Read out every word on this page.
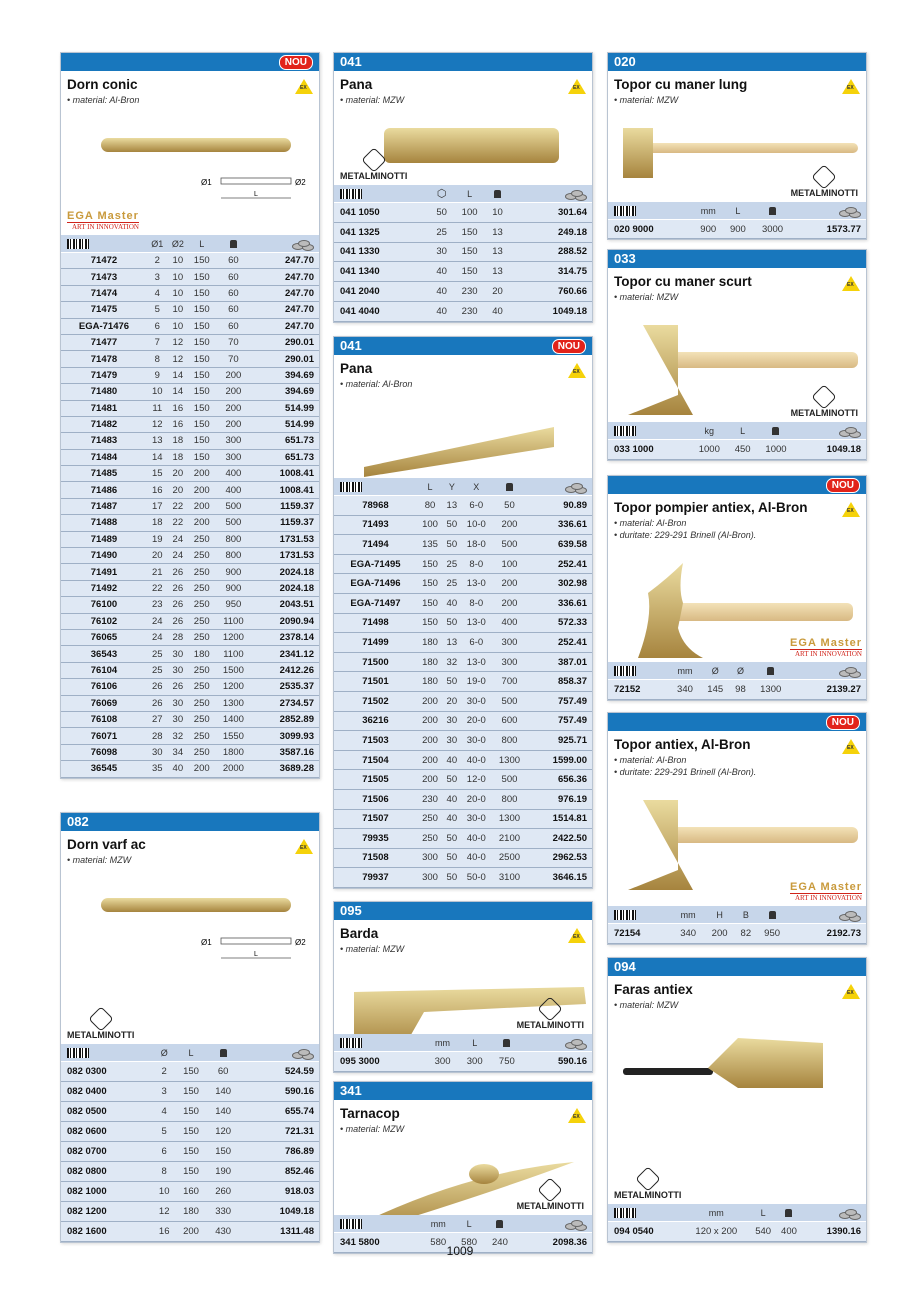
NOU
Dorn conic
• material: Al-Bron
EX
Ø1	Ø2
L
EGA Master
ART IN INNOVATION
	Ø1	Ø2	L		

71472	2	10	150	60	247.70
71473	3	10	150	60	247.70
71474	4	10	150	60	247.70
71475	5	10	150	60	247.70
EGA-71476	6	10	150	60	247.70
71477	7	12	150	70	290.01
71478	8	12	150	70	290.01
71479	9	14	150	200	394.69
71480	10	14	150	200	394.69
71481	11	16	150	200	514.99
71482	12	16	150	200	514.99
71483	13	18	150	300	651.73
71484	14	18	150	300	651.73
71485	15	20	200	400	1008.41
71486	16	20	200	400	1008.41
71487	17	22	200	500	1159.37
71488	18	22	200	500	1159.37
71489	19	24	250	800	1731.53
71490	20	24	250	800	1731.53
71491	21	26	250	900	2024.18
71492	22	26	250	900	2024.18
76100	23	26	250	950	2043.51
76102	24	26	250	1100	2090.94
76065	24	28	250	1200	2378.14
36543	25	30	180	1100	2341.12
76104	25	30	250	1500	2412.26
76106	26	26	250	1200	2535.37
76069	26	30	250	1300	2734.57
76108	27	30	250	1400	2852.89
76071	28	32	250	1550	3099.93
76098	30	34	250	1800	3587.16
36545	35	40	200	2000	3689.28
082
Dorn varf ac
• material: MZW
EX
Ø1	Ø2
L
METALMINOTTI
	Ø	L		

082 0300	2	150	60	524.59
082 0400	3	150	140	590.16
082 0500	4	150	140	655.74
082 0600	5	150	120	721.31
082 0700	6	150	150	786.89
082 0800	8	150	190	852.46
082 1000	10	160	260	918.03
082 1200	12	180	330	1049.18
082 1600	16	200	430	1311.48
041
Pana
• material: MZW
EX
METALMINOTTI
	⬡	L		

041 1050	50	100	10	301.64
041 1325	25	150	13	249.18
041 1330	30	150	13	288.52
041 1340	40	150	13	314.75
041 2040	40	230	20	760.66
041 4040	40	230	40	1049.18
041	NOU
Pana
• material: Al-Bron
EX
	L	Y	X		

78968	80	13	6-0	50	90.89
71493	100	50	10-0	200	336.61
71494	135	50	18-0	500	639.58
EGA-71495	150	25	8-0	100	252.41
EGA-71496	150	25	13-0	200	302.98
EGA-71497	150	40	8-0	200	336.61
71498	150	50	13-0	400	572.33
71499	180	13	6-0	300	252.41
71500	180	32	13-0	300	387.01
71501	180	50	19-0	700	858.37
71502	200	20	30-0	500	757.49
36216	200	30	20-0	600	757.49
71503	200	30	30-0	800	925.71
71504	200	40	40-0	1300	1599.00
71505	200	50	12-0	500	656.36
71506	230	40	20-0	800	976.19
71507	250	40	30-0	1300	1514.81
79935	250	50	40-0	2100	2422.50
71508	300	50	40-0	2500	2962.53
79937	300	50	50-0	3100	3646.15
095
Barda
• material: MZW
EX
METALMINOTTI
	mm	L		

095 3000	300	300	750	590.16
341
Tarnacop
• material: MZW
EX
METALMINOTTI
	mm	L		

341 5800	580	580	240	2098.36
020
Topor cu maner lung
• material: MZW
EX
METALMINOTTI
	mm	L		

020 9000	900	900	3000	1573.77
033
Topor cu maner scurt
• material: MZW
EX
METALMINOTTI
	kg	L		

033 1000	1000	450	1000	1049.18
NOU
Topor pompier antiex, Al-Bron
• material: Al-Bron
• duritate: 229-291 Brinell (Al-Bron).
EX
EGA Master
ART IN INNOVATION
	mm	Ø	Ø		

72152	340	145	98	1300	2139.27
NOU
Topor antiex, Al-Bron
• material: Al-Bron
• duritate: 229-291 Brinell (Al-Bron).
EX
EGA Master
ART IN INNOVATION
	mm	H	B		

72154	340	200	82	950	2192.73
094
Faras antiex
• material: MZW
EX
METALMINOTTI
	mm	L		

094 0540	120 x 200	540	400	1390.16
1009
